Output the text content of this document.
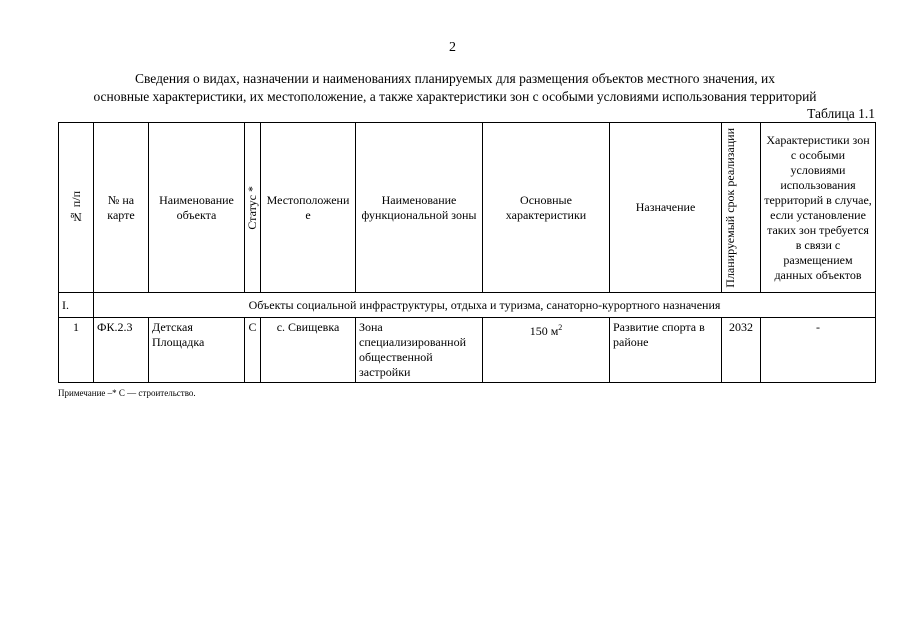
2
Сведения о видах, назначении и наименованиях планируемых для размещения объектов местного значения, их
основные характеристики, их местоположение, а также характеристики зон с особыми условиями использования территорий
Таблица 1.1
№ п/п	№ на карте	Наименование объекта	Статус *	Местоположение	Наименование функциональной зоны	Основные характеристики	Назначение	Планируемый срок реализации	Характеристики зон с особыми условиями использования территорий в случае, если установление таких зон требуется в связи с размещением данных объектов
I.	Объекты социальной инфраструктуры, отдыха и туризма, санаторно-курортного назначения								
1	ФК.2.3	Детская Площадка	С	с. Свищевка	Зона специализированной общественной застройки	150 $м^2$	Развитие спорта в районе	2032	-
Примечание –* С — строительство.
